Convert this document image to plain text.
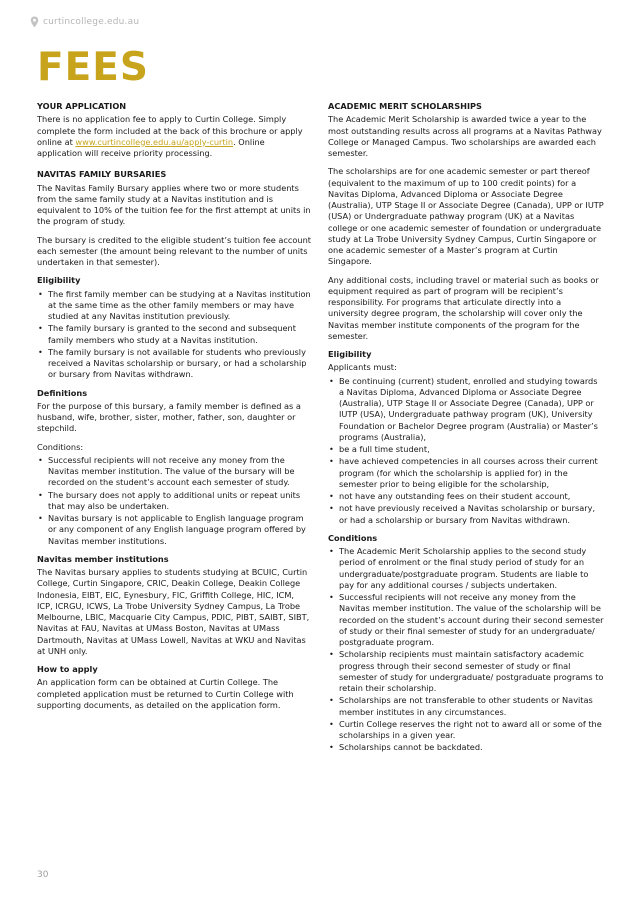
curtincollege.edu.au
FEES
YOUR APPLICATION

There is no application fee to apply to Curtin College. Simply complete the form included at the back of this brochure or apply online at www.curtincollege.edu.au/apply-curtin. Online application will receive priority processing.

NAVITAS FAMILY BURSARIES

The Navitas Family Bursary applies where two or more students from the same family study at a Navitas institution and is equivalent to 10% of the tuition fee for the first attempt at units in the program of study.

The bursary is credited to the eligible student’s tuition fee account each semester (the amount being relevant to the number of units undertaken in that semester).

Eligibility
• The first family member can be studying at a Navitas institution at the same time as the other family members or may have studied at any Navitas institution previously.
• The family bursary is granted to the second and subsequent family members who study at a Navitas institution.
• The family bursary is not available for students who previously received a Navitas scholarship or bursary, or had a scholarship or bursary from Navitas withdrawn.
Definitions

For the purpose of this bursary, a family member is defined as a husband, wife, brother, sister, mother, father, son, daughter or stepchild.

Conditions:

• Successful recipients will not receive any money from the Navitas member institution. The value of the bursary will be recorded on the student’s account each semester of study.
• The bursary does not apply to additional units or repeat units that may also be undertaken.
• Navitas bursary is not applicable to English language program or any component of any English language program offered by Navitas member institutions.
Navitas member institutions

The Navitas bursary applies to students studying at BCUIC, Curtin College, Curtin Singapore, CRIC, Deakin College, Deakin College Indonesia, EIBT, EIC, Eynesbury, FIC, Griffith College, HIC, ICM, ICP, ICRGU, ICWS, La Trobe University Sydney Campus, La Trobe Melbourne, LBIC, Macquarie City Campus, PDIC, PIBT, SAIBT, SIBT, Navitas at FAU, Navitas at UMass Boston, Navitas at UMass Dartmouth, Navitas at UMass Lowell, Navitas at WKU and Navitas at UNH only.

How to apply

An application form can be obtained at Curtin College. The completed application must be returned to Curtin College with supporting documents, as detailed on the application form.

ACADEMIC MERIT SCHOLARSHIPS

The Academic Merit Scholarship is awarded twice a year to the most outstanding results across all programs at a Navitas Pathway College or Managed Campus. Two scholarships are awarded each semester.

The scholarships are for one academic semester or part thereof (equivalent to the maximum of up to 100 credit points) for a Navitas Diploma, Advanced Diploma or Associate Degree (Australia), UTP Stage II or Associate Degree (Canada), UPP or IUTP (USA) or Undergraduate pathway program (UK) at a Navitas college or one academic semester of foundation or undergraduate study at La Trobe University Sydney Campus, Curtin Singapore or one academic semester of a Master’s program at Curtin Singapore.

Any additional costs, including travel or material such as books or equipment required as part of program will be recipient’s responsibility. For programs that articulate directly into a university degree program, the scholarship will cover only the Navitas member institute components of the program for the semester.

Eligibility

Applicants must:

• Be continuing (current) student, enrolled and studying towards a Navitas Diploma, Advanced Diploma or Associate Degree (Australia), UTP Stage II or Associate Degree (Canada), UPP or IUTP (USA), Undergraduate pathway program (UK), University Foundation or Bachelor Degree program (Australia) or Master’s programs (Australia),
• be a full time student,
• have achieved competencies in all courses across their current program (for which the scholarship is applied for) in the semester prior to being eligible for the scholarship,
• not have any outstanding fees on their student account,
• not have previously received a Navitas scholarship or bursary, or had a scholarship or bursary from Navitas withdrawn.
Conditions
• The Academic Merit Scholarship applies to the second study period of enrolment or the final study period of study for an undergraduate/postgraduate program. Students are liable to pay for any additional courses / subjects undertaken.
• Successful recipients will not receive any money from the Navitas member institution. The value of the scholarship will be recorded on the student’s account during their second semester of study or their final semester of study for an undergraduate/ postgraduate program.
• Scholarship recipients must maintain satisfactory academic progress through their second semester of study or final semester of study for undergraduate/ postgraduate programs to retain their scholarship.
• Scholarships are not transferable to other students or Navitas member institutes in any circumstances.
• Curtin College reserves the right not to award all or some of the scholarships in a given year.
• Scholarships cannot be backdated.
30
